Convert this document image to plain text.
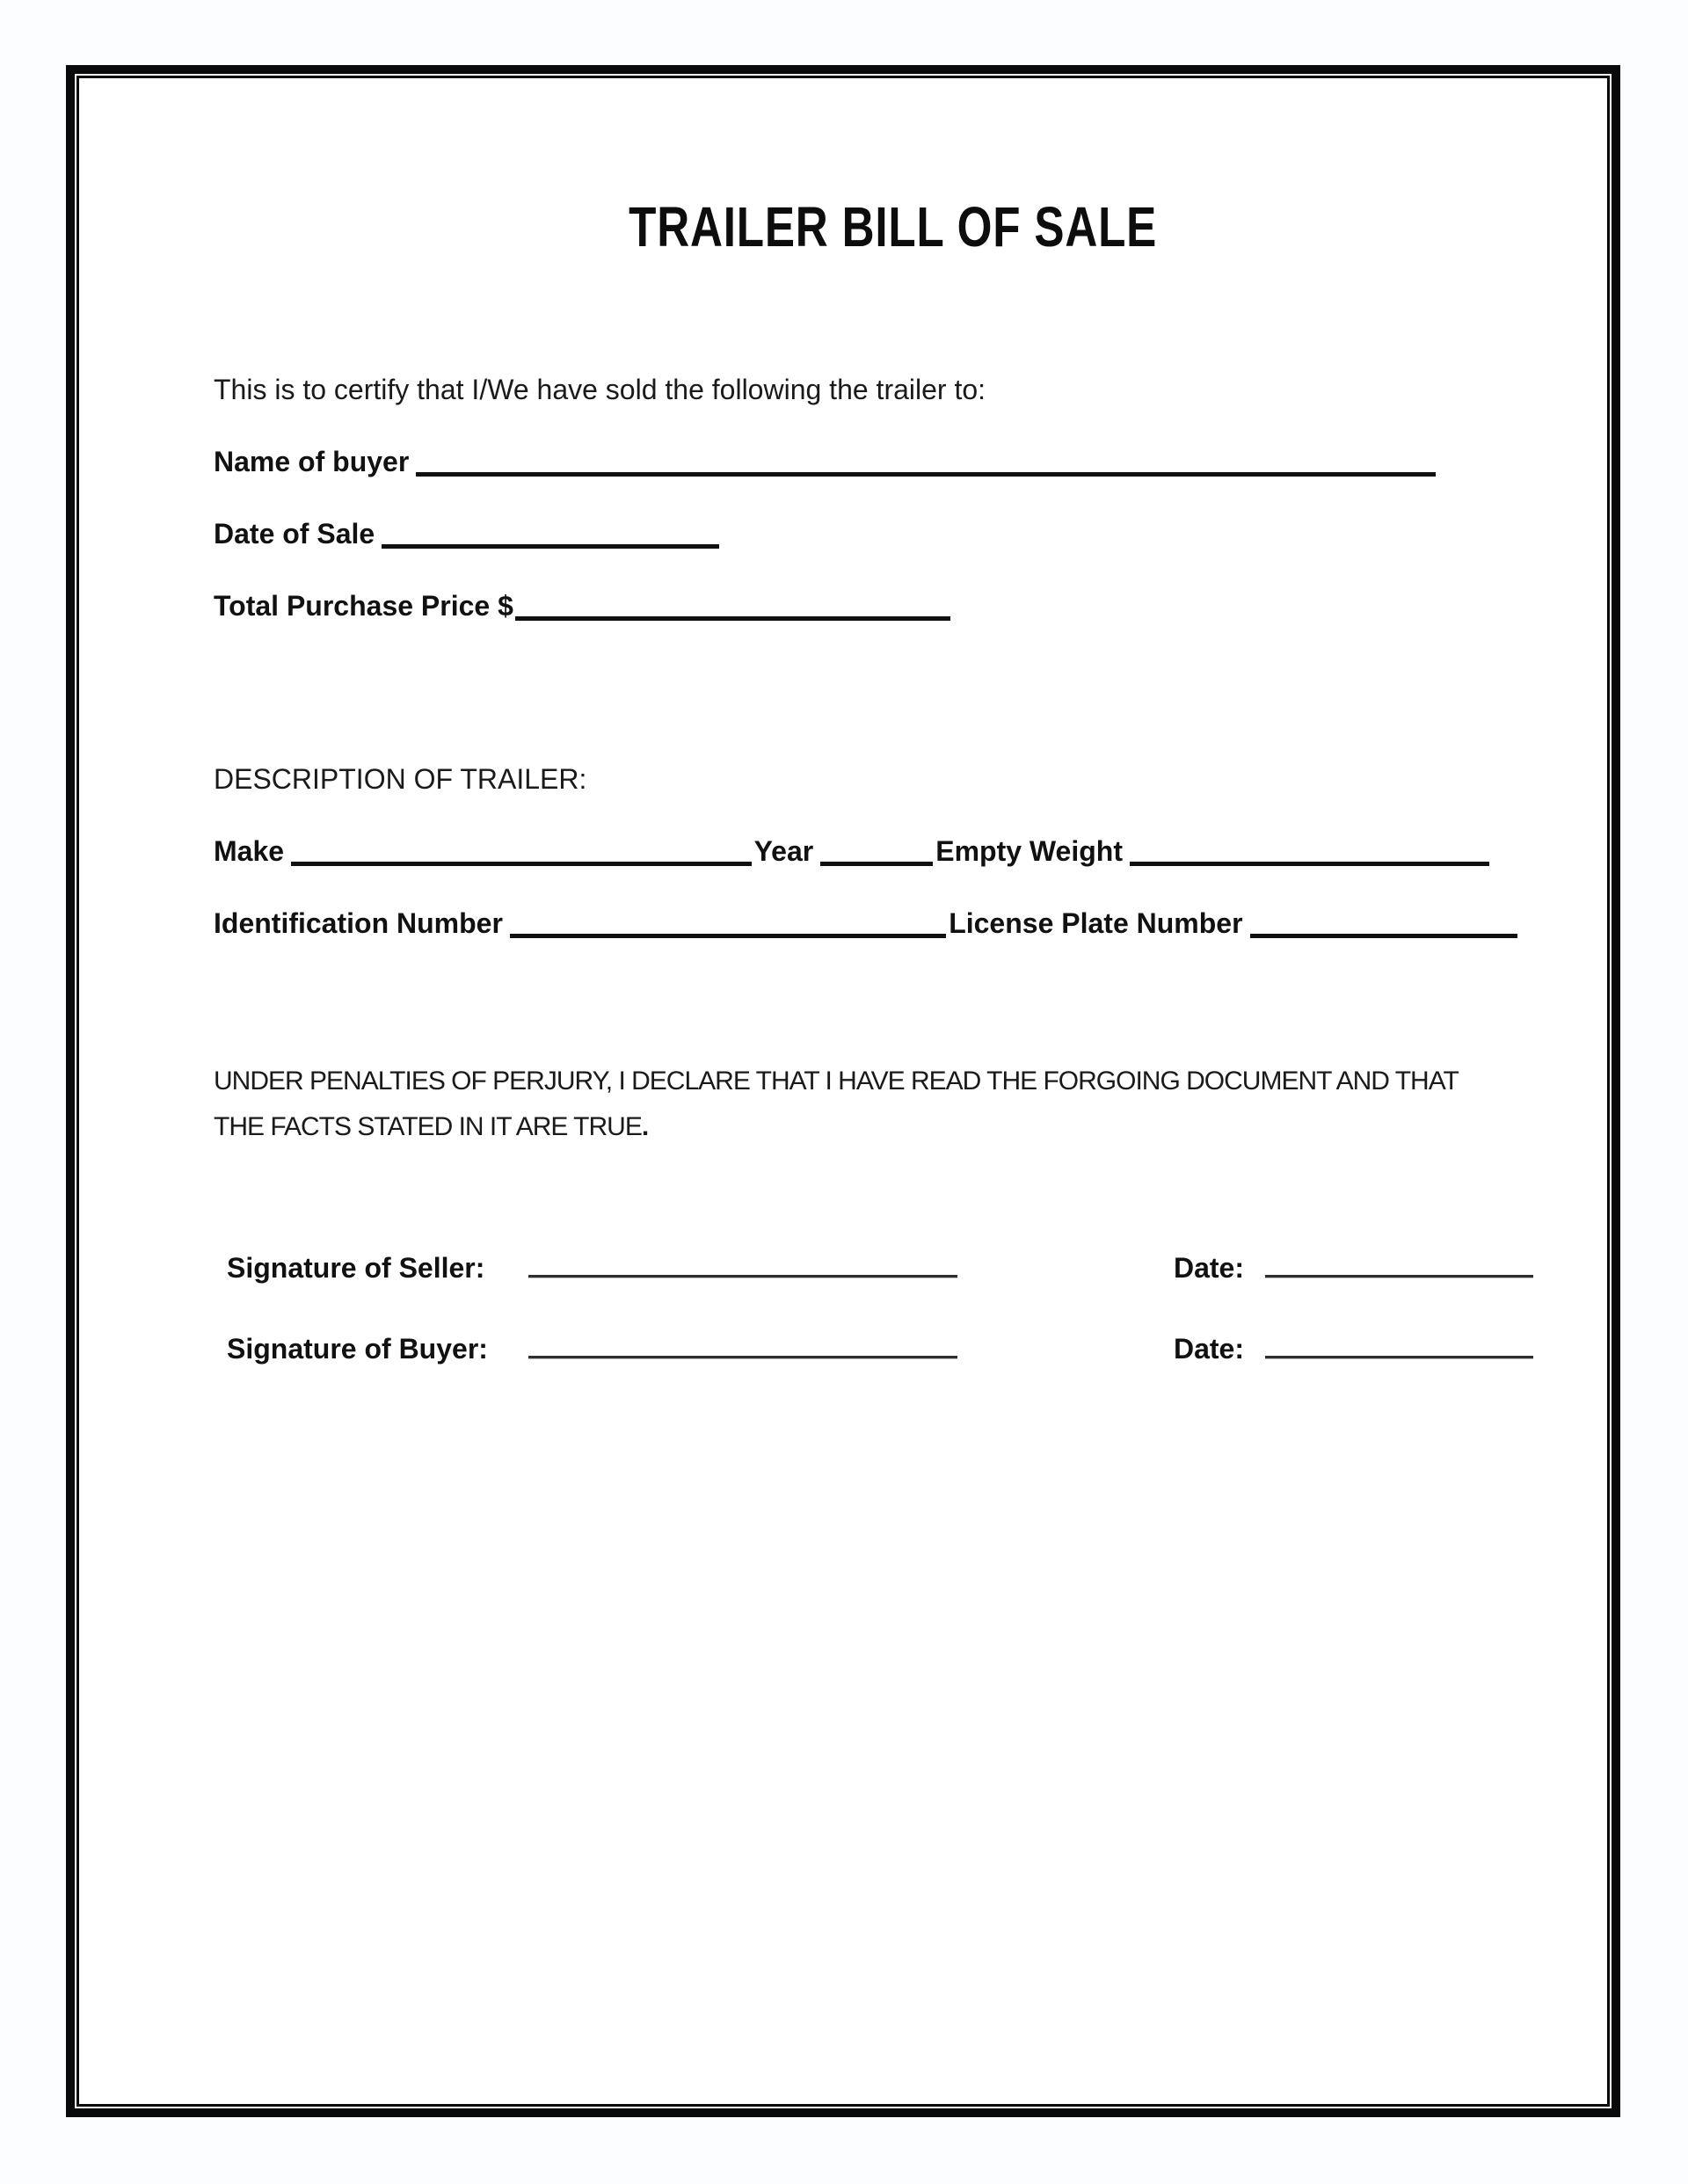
TRAILER BILL OF SALE
This is to certify that I/We have sold the following the trailer to:
Name of buyer
Date of Sale
Total Purchase Price $
DESCRIPTION OF TRAILER:
Make	Year	Empty Weight
Identification Number	License Plate Number
UNDER PENALTIES OF PERJURY, I DECLARE THAT I HAVE READ THE FORGOING DOCUMENT AND THAT
THE FACTS STATED IN IT ARE TRUE.
Signature of Seller:	Date:
Signature of Buyer:	Date:
